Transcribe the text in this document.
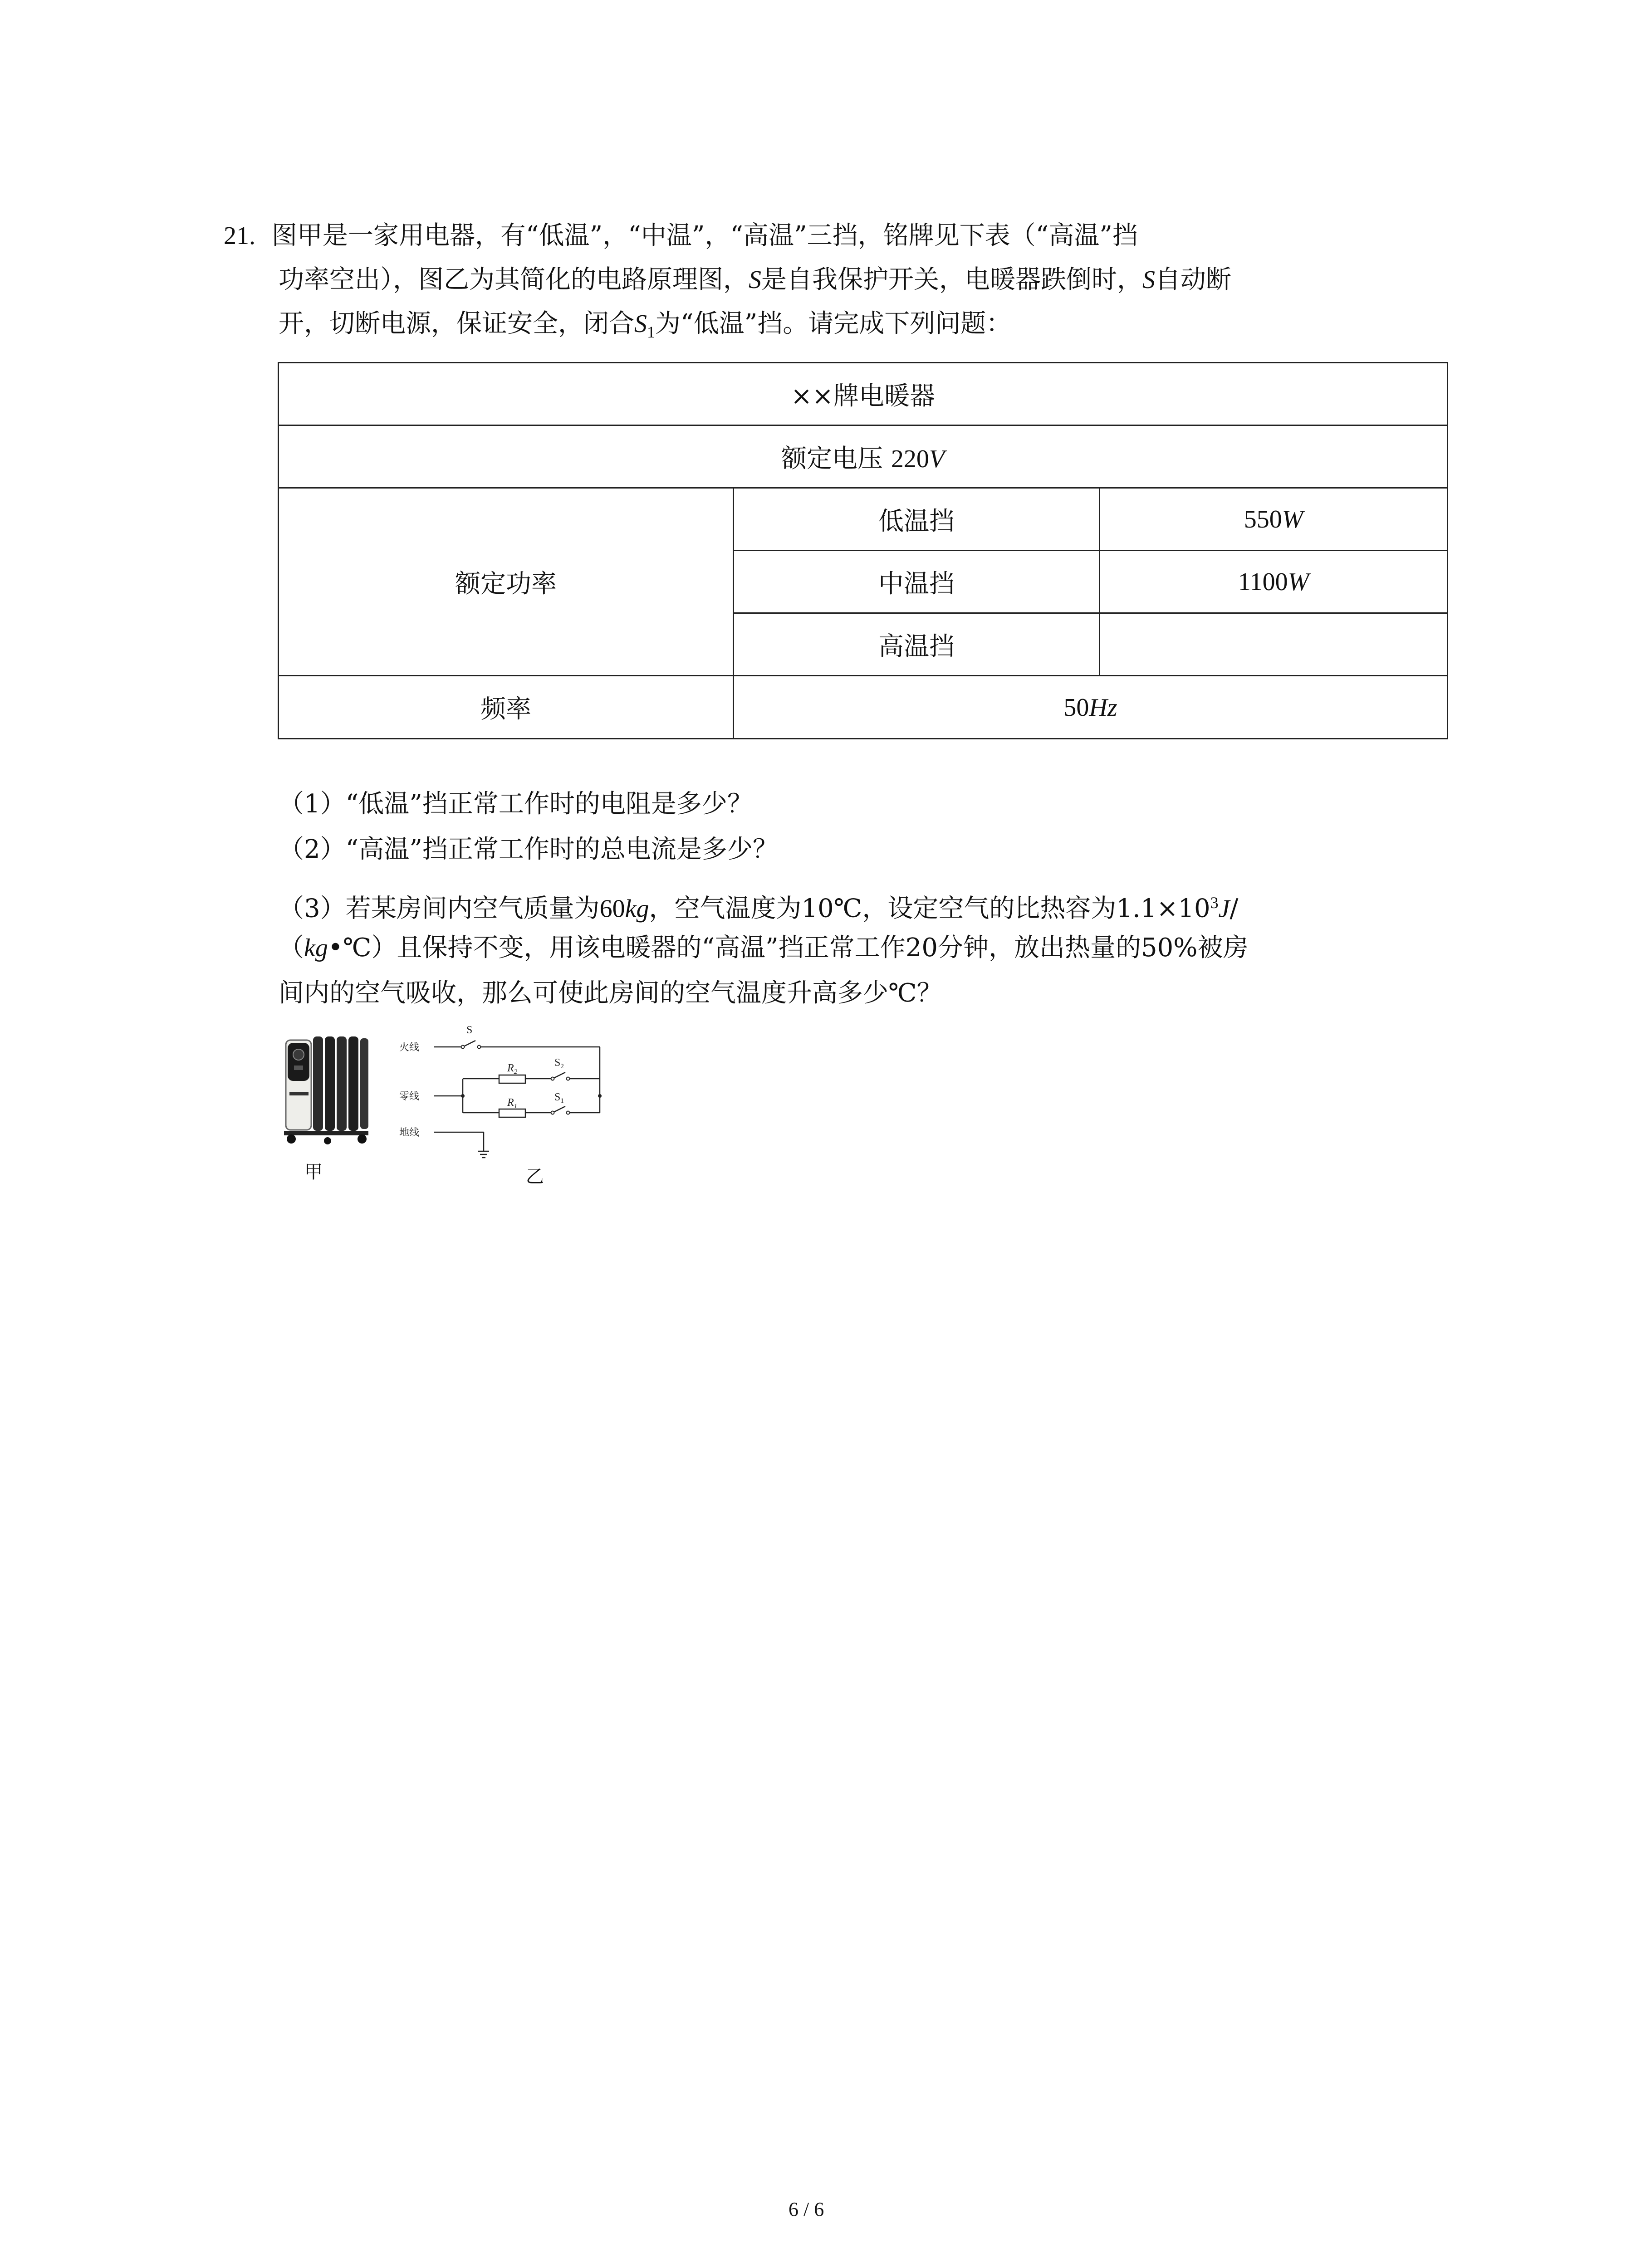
21. 图甲是一家用电器，有“低温”，“中温”，“高温”三挡，铭牌见下表（“高温”挡
功率空出），图乙为其简化的电路原理图，S是自我保护开关，电暖器跌倒时，S自动断
开，切断电源，保证安全，闭合$S_1$为“低温”挡。请完成下列问题：
××牌电暖器		
额定电压 220V		
额定功率	低温挡	550W
	中温挡	1100W
	高温挡	
频率	50Hz	
（1）“低温”挡正常工作时的电阻是多少？
（2）“高温”挡正常工作时的总电流是多少？
（3）若某房间内空气质量为60kg，空气温度为10℃，设定空气的比热容为$1.1\times 10^3J/$
（kg•℃）且保持不变，用该电暖器的“高温”挡正常工作20分钟，放出热量的50%被房
间内的空气吸收，那么可使此房间的空气温度升高多少℃？
甲
火线
零线
地线
S
$R_2$
$R_1$
$S_2$
$S_1$
乙
6 / 6
